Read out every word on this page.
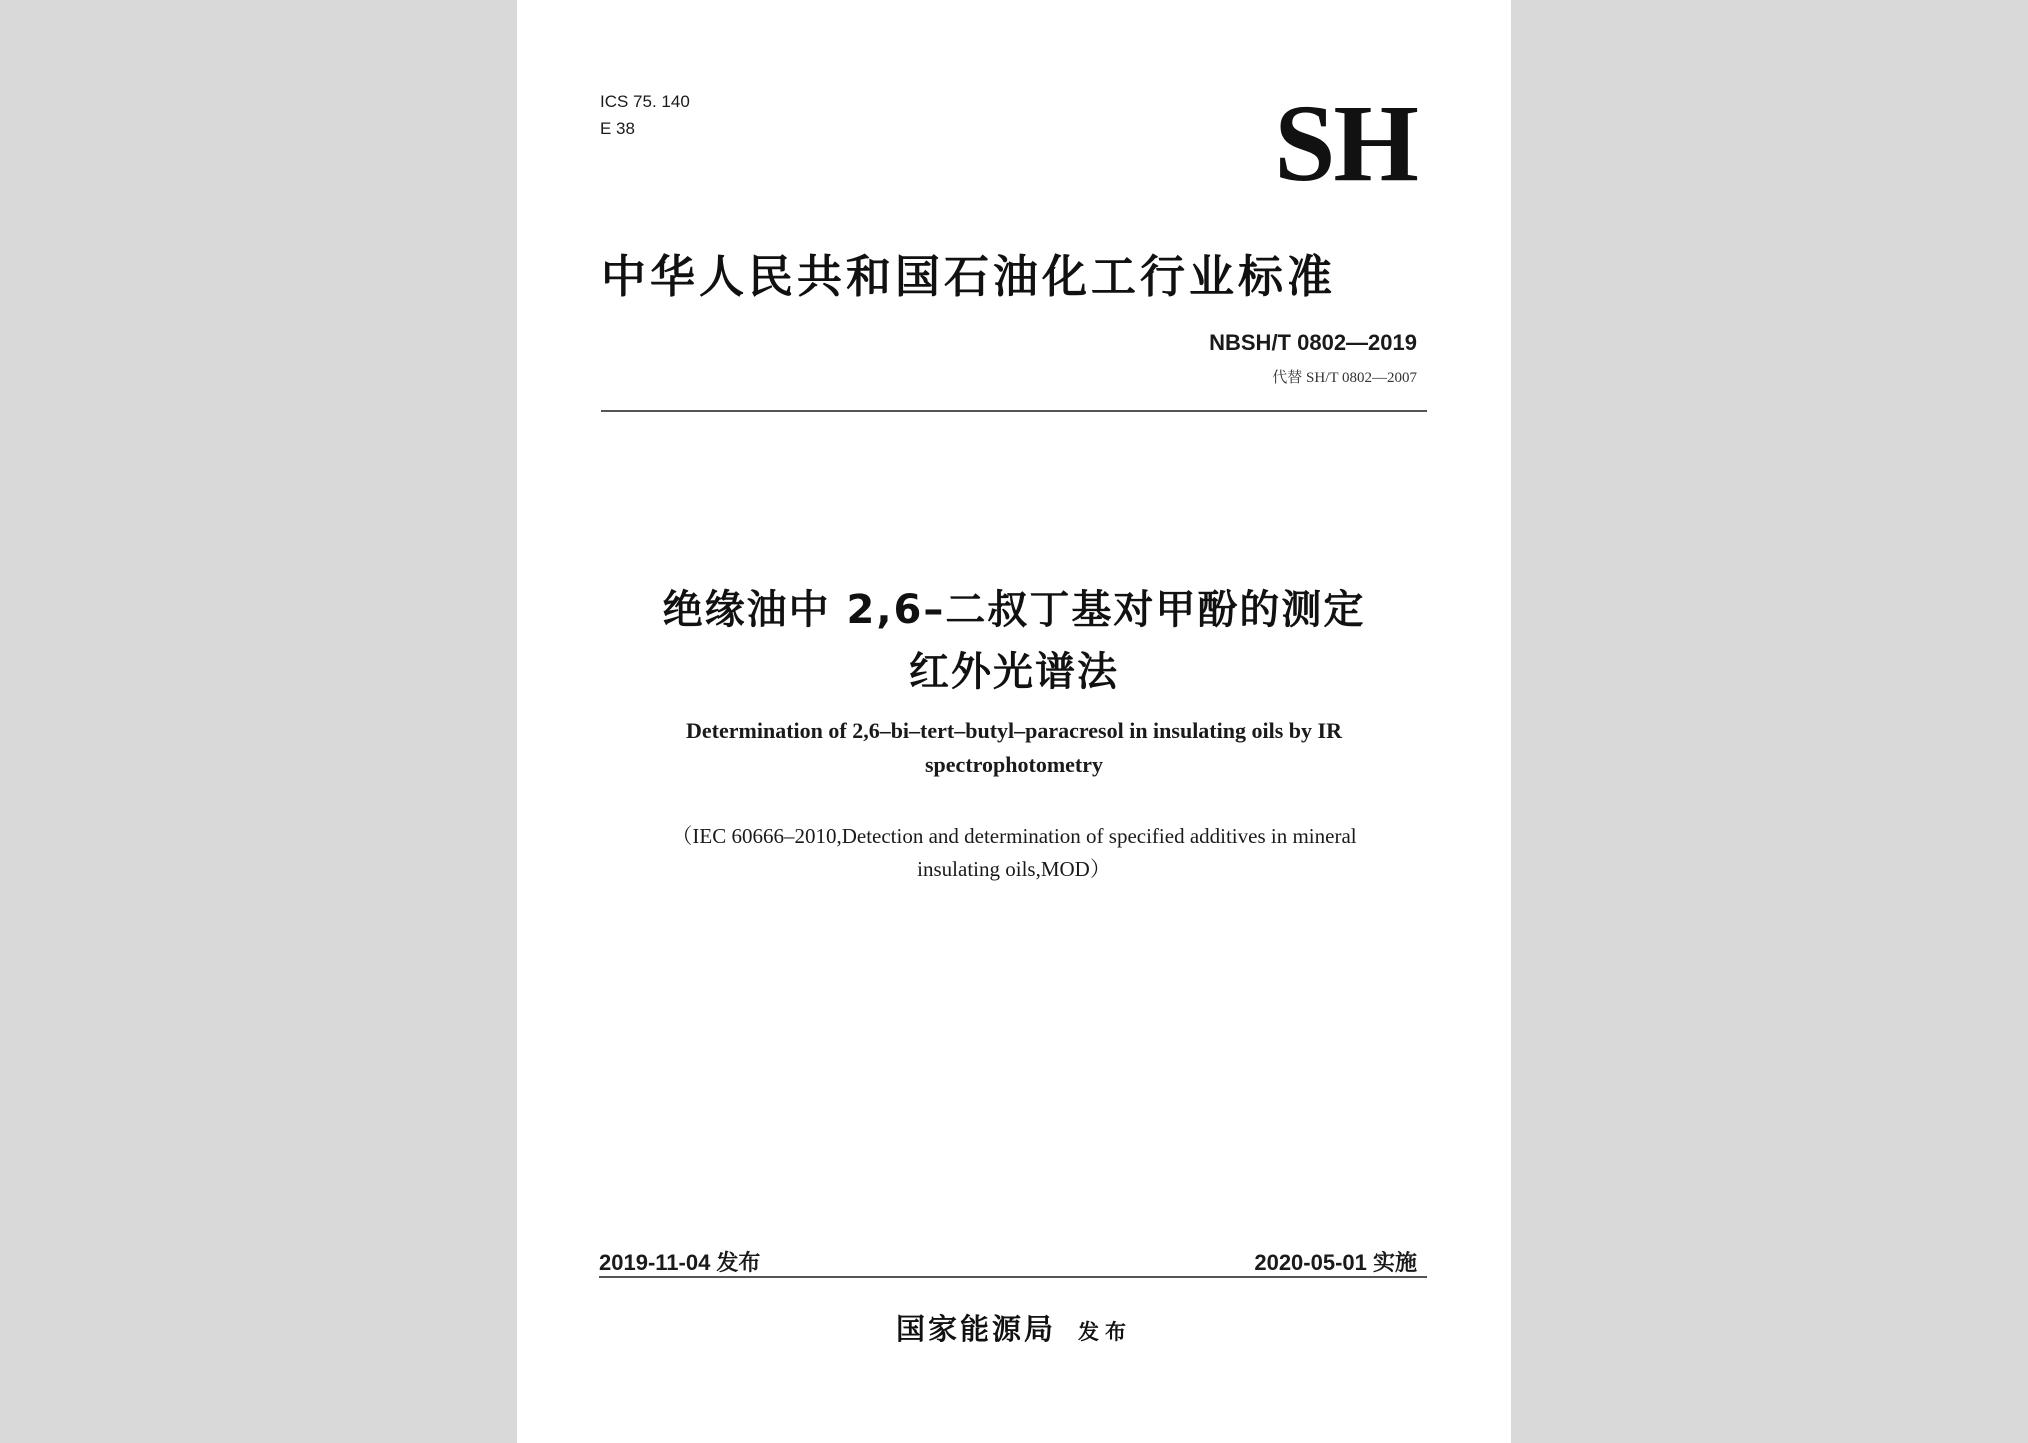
ICS 75. 140

E 38	SH
中华人民共和国石油化工行业标准
NBSH/T 0802—2019
代替 SH/T 0802—2007
绝缘油中 2,6–二叔丁基对甲酚的测定
红外光谱法
Determination of 2,6–bi–tert–butyl–paracresol in insulating oils by IR
spectrophotometry
（IEC 60666–2010,Detection and determination of specified additives in mineral
insulating oils,MOD）
2019-11-04 发布	2020-05-01 实施
国家能源局 发布
